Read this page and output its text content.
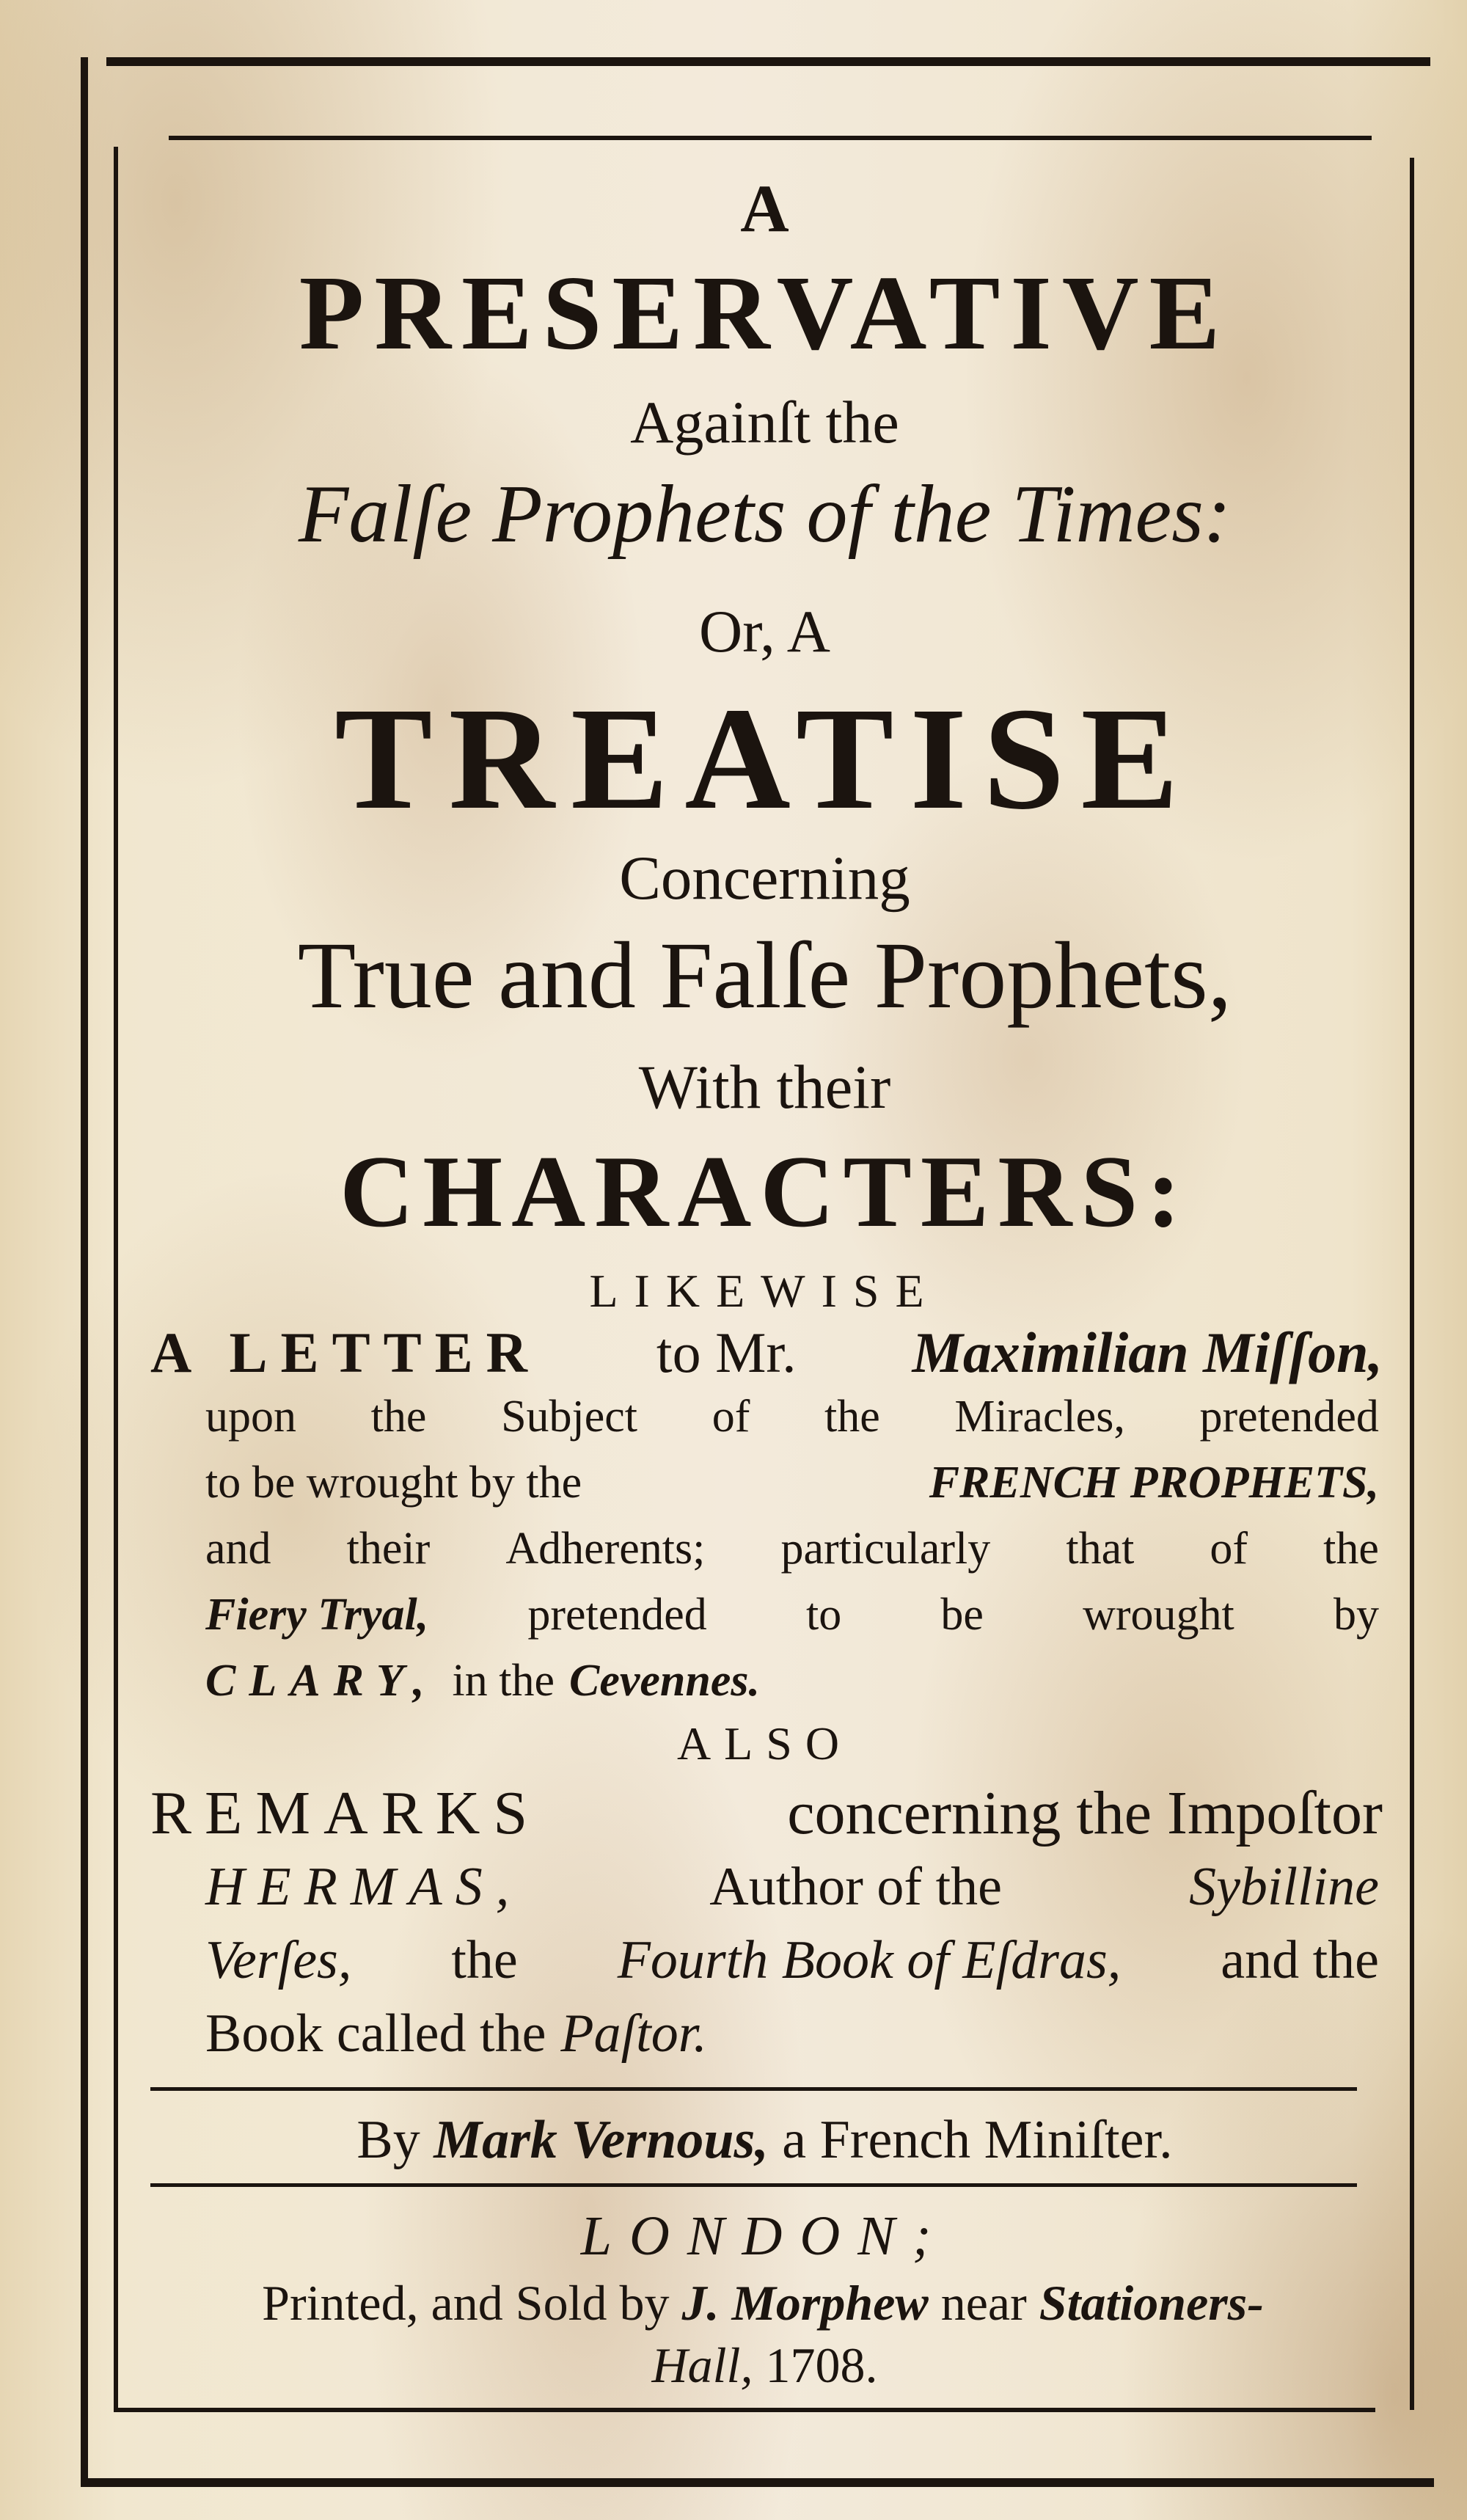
A
PRESERVATIVE
Againſt the
Falſe Prophets of the Times:
Or, A
TREATISE
Concerning
True and Falſe Prophets,
With their
CHARACTERS:
LIKEWISE
A LETTER to Mr. Maximilian Miſſon,
upon the Subject of the Miracles, pretended
to be wrought by the	FRENCH PROPHETS,
and their Adherents; particularly that of the
Fiery Tryal, pretended to be wrought by
CLARY, in the Cevennes.
ALSO
REMARKS	concerning the Impoſtor
HERMAS,	Author of the	Sybilline
Verſes, the Fourth Book of Eſdras, and the
Book called the Paſtor.
By Mark Vernous, a French Miniſter.
LONDON;
Printed, and Sold by J. Morphew near Stationers-
Hall, 1708.
